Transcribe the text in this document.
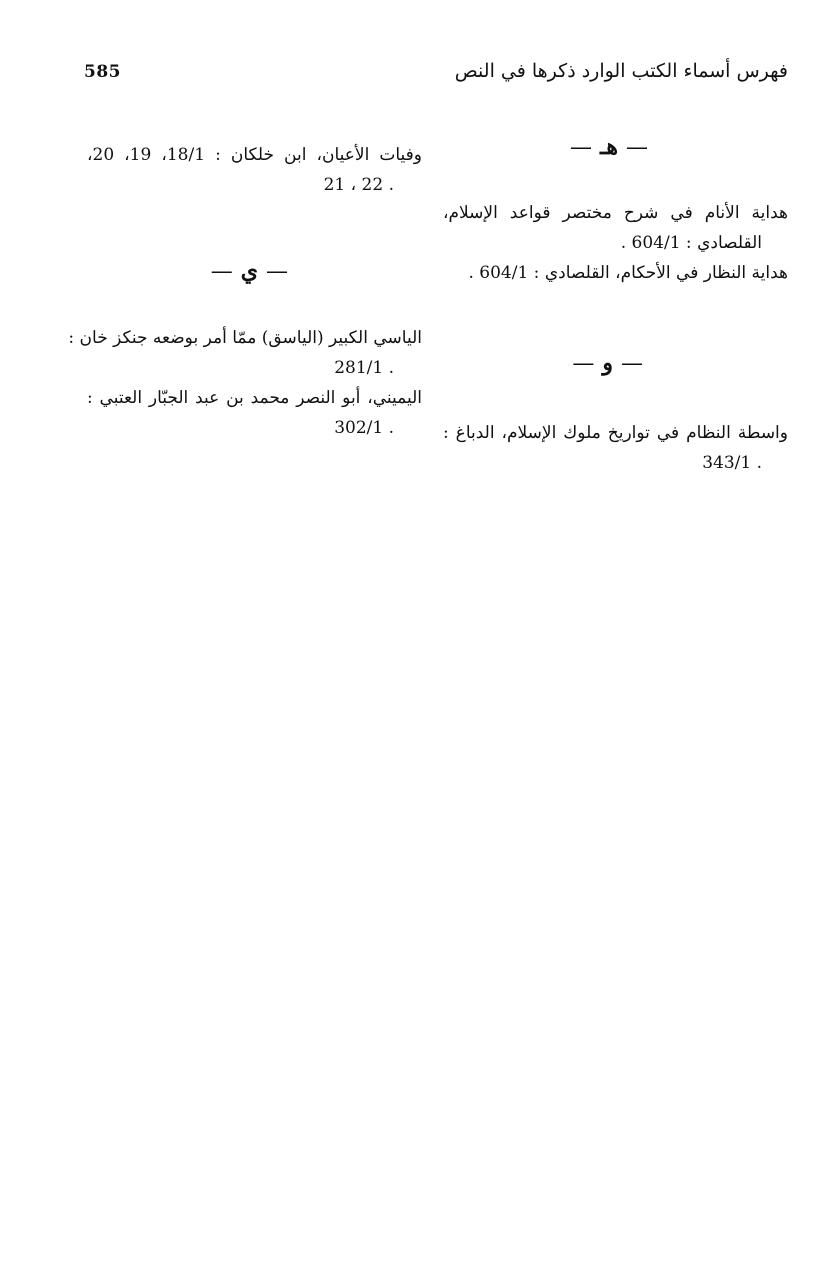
585	فهرس أسماء الكتب الوارد ذكرها في النص
—هـ—
هداية الأنام في شرح مختصر قواعد الإسلام،
القلصادي : 604/1 .
هداية النظار في الأحكام، القلصادي : 604/1 .
—و—
واسطة النظام في تواريخ ملوك الإسلام، الدباغ :
. 343/1
وفيات الأعيان، ابن خلكان : 18/1، 19، 20،
. 22 ، 21
—ي—
الياسي الكبير (الياسق) ممّا أمر بوضعه جنكز خان :
. 281/1
اليميني، أبو النصر محمد بن عبد الجبّار العتبي :
. 302/1
